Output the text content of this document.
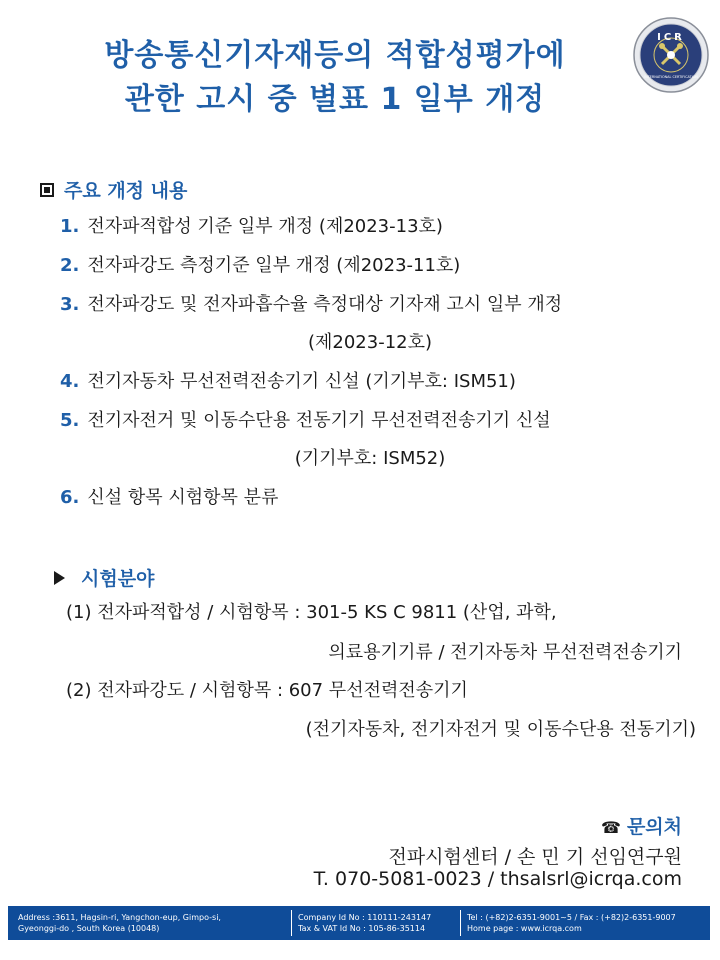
방송통신기자재등의 적합성평가에
관한 고시 중 별표 1 일부 개정
ICR
INTERNATIONAL CERTIFICATION
주요 개정 내용
1. 전자파적합성 기준 일부 개정 (제2023-13호)
2. 전자파강도 측정기준 일부 개정 (제2023-11호)
3. 전자파강도 및 전자파흡수율 측정대상 기자재 고시 일부 개정
(제2023-12호)
4. 전기자동차 무선전력전송기기 신설 (기기부호: ISM51)
5. 전기자전거 및 이동수단용 전동기기 무선전력전송기기 신설
(기기부호: ISM52)
6. 신설 항목 시험항목 분류
시험분야
(1) 전자파적합성 / 시험항목 : 301-5 KS C 9811 (산업, 과학,
의료용기기류 / 전기자동차 무선전력전송기기
(2) 전자파강도 / 시험항목 : 607 무선전력전송기기
(전기자동차, 전기자전거 및 이동수단용 전동기기)
☎ 문의처
전파시험센터 / 손 민 기 선임연구원
T. 070-5081-0023 / thsalsrl@icrqa.com
Address :3611, Hagsin-ri, Yangchon-eup, Gimpo-si,
Gyeonggi-do , South Korea (10048)
Company Id No : 110111-243147
Tax & VAT Id No : 105-86-35114
Tel : (+82)2-6351-9001~5 / Fax : (+82)2-6351-9007
Home page : www.icrqa.com
